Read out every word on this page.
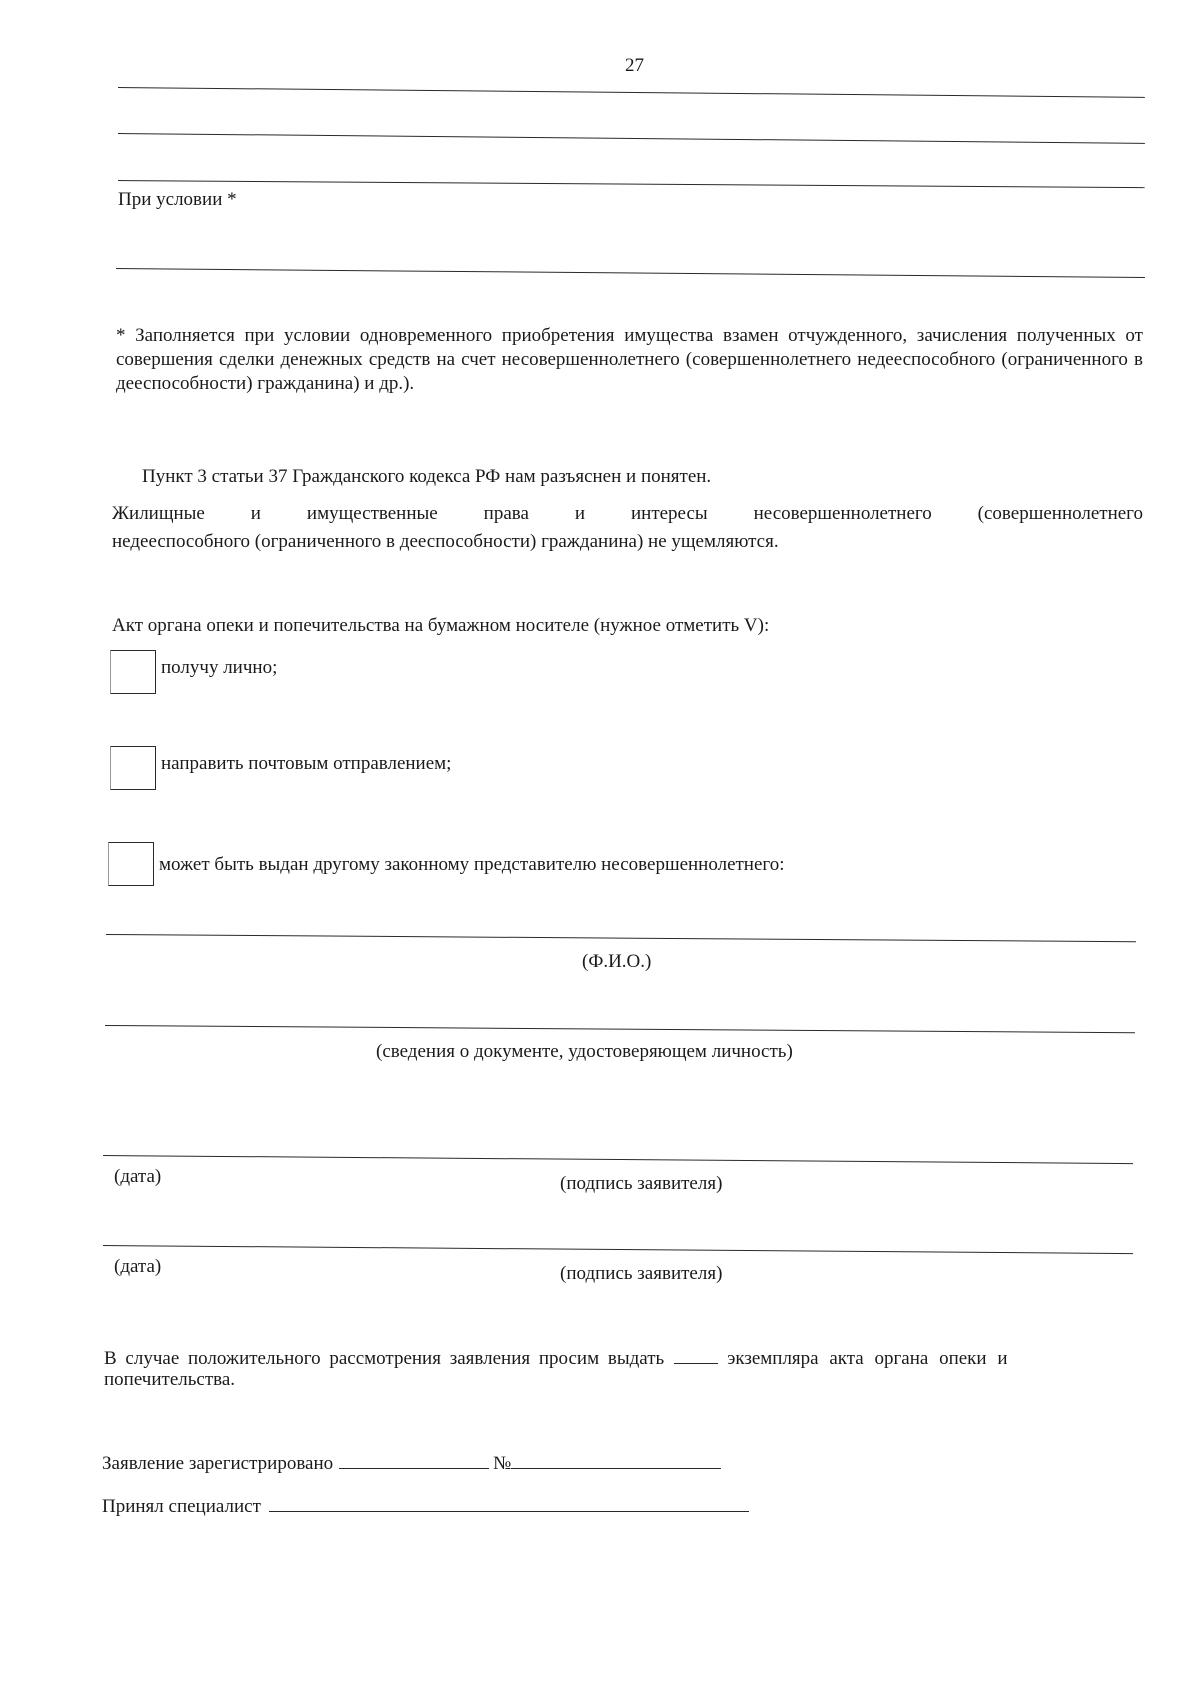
27
При условии *
* Заполняется при условии одновременного приобретения имущества взамен отчужденного, зачисления полученных от совершения сделки денежных средств на счет несовершеннолетнего (совершеннолетнего недееспособного (ограниченного в дееспособности) гражданина) и др.).
Пункт 3 статьи 37 Гражданского кодекса РФ нам разъяснен и понятен.
Жилищные и имущественные права и интересы несовершеннолетнего (совершеннолетнего
недееспособного (ограниченного в дееспособности) гражданина) не ущемляются.
Акт органа опеки и попечительства на бумажном носителе (нужное отметить V):
получу лично;
направить почтовым отправлением;
может быть выдан другому законному представителю несовершеннолетнего:
(Ф.И.О.)
(сведения о документе, удостоверяющем личность)
(дата)	(подпись заявителя)
(дата)	(подпись заявителя)
В случае положительного рассмотрения заявления просим выдать	экземпляра акта органа опеки и
попечительства.
Заявление зарегистрировано	№
Принял специалист
